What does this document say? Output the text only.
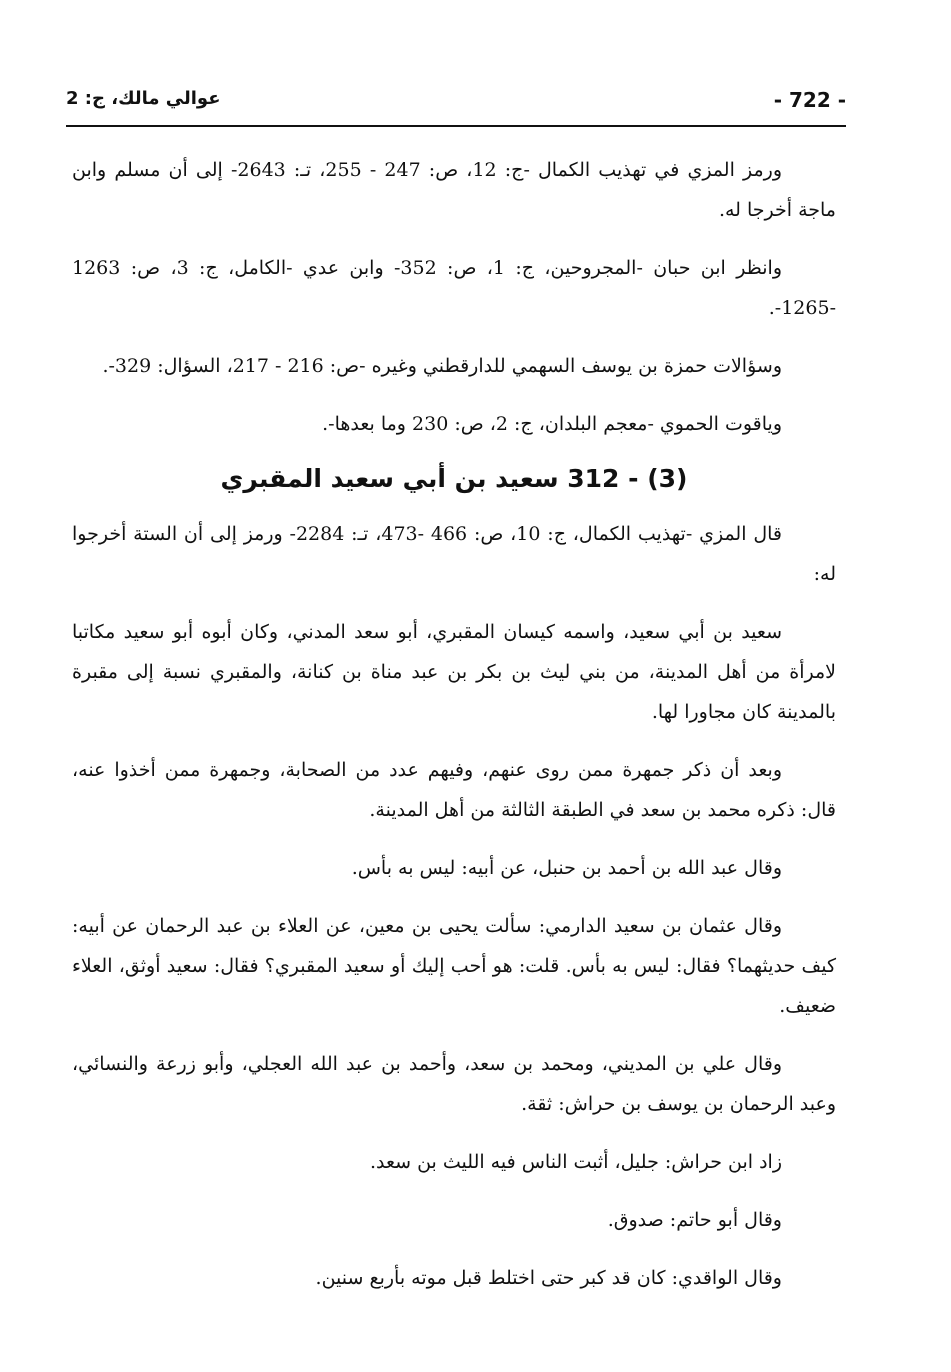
- 722 -
عوالي مالك، ج: 2

ورمز المزي في تهذيب الكمال -ج: 12، ص: 247 - 255، تـ: 2643- إلى أن مسلم وابن ماجة أخرجا له.

وانظر ابن حبان -المجروحين، ج: 1، ص: 352- وابن عدي -الكامل، ج: 3، ص: 1263 -1265-.

وسؤالات حمزة بن يوسف السهمي للدارقطني وغيره -ص: 216 - 217، السؤال: 329-.

وياقوت الحموي -معجم البلدان، ج: 2، ص: 230 وما بعدها-.

312 - (3) سعيد بن أبي سعيد المقبري

قال المزي -تهذيب الكمال، ج: 10، ص: 466 -473، تـ: 2284- ورمز إلى أن الستة أخرجوا له:

سعيد بن أبي سعيد، واسمه كيسان المقبري، أبو سعد المدني، وكان أبوه أبو سعيد مكاتبا لامرأة من أهل المدينة، من بني ليث بن بكر بن عبد مناة بن كنانة، والمقبري نسبة إلى مقبرة بالمدينة كان مجاورا لها.

وبعد أن ذكر جمهرة ممن روى عنهم، وفيهم عدد من الصحابة، وجمهرة ممن أخذوا عنه، قال: ذكره محمد بن سعد في الطبقة الثالثة من أهل المدينة.

وقال عبد الله بن أحمد بن حنبل، عن أبيه: ليس به بأس.

وقال عثمان بن سعيد الدارمي: سألت يحيى بن معين، عن العلاء بن عبد الرحمان عن أبيه: كيف حديثهما؟ فقال: ليس به بأس. قلت: هو أحب إليك أو سعيد المقبري؟ فقال: سعيد أوثق، العلاء ضعيف.

وقال علي بن المديني، ومحمد بن سعد، وأحمد بن عبد الله العجلي، وأبو زرعة والنسائي، وعبد الرحمان بن يوسف بن حراش: ثقة.

زاد ابن حراش: جليل، أثبت الناس فيه الليث بن سعد.

وقال أبو حاتم: صدوق.

وقال الواقدي: كان قد كبر حتى اختلط قبل موته بأربع سنين.
